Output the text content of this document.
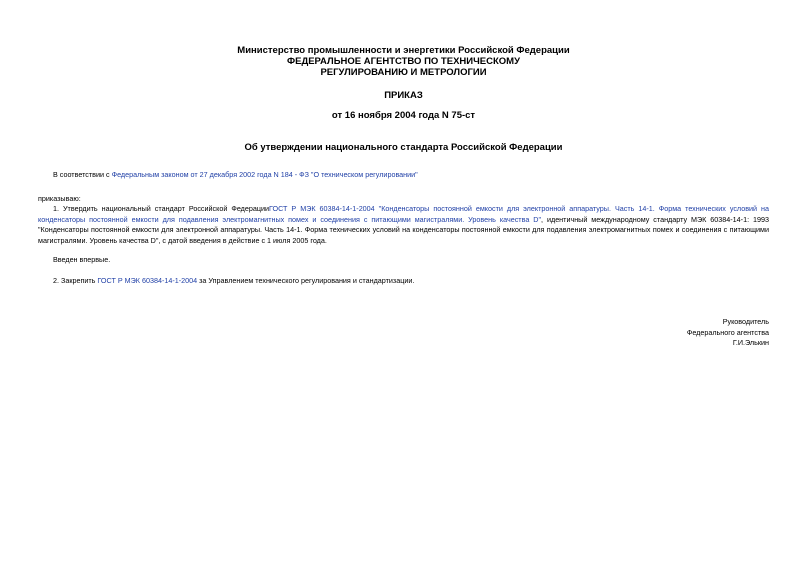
Министерство промышленности и энергетики Российской Федерации
ФЕДЕРАЛЬНОЕ АГЕНТСТВО ПО ТЕХНИЧЕСКОМУ
РЕГУЛИРОВАНИЮ И МЕТРОЛОГИИ
ПРИКАЗ
от 16 ноября 2004 года N 75-ст
Об утверждении национального стандарта Российской Федерации
В соответствии с Федеральным законом от 27 декабря 2002 года N 184 - ФЗ "О техническом регулировании"
приказываю:
1. Утвердить национальный стандарт Российской ФедерацииГОСТ Р МЭК 60384-14-1-2004 "Конденсаторы постоянной емкости для электронной аппаратуры. Часть 14-1. Форма технических условий на конденсаторы постоянной емкости для подавления электромагнитных помех и соединения с питающими магистралями. Уровень качества D", идентичный международному стандарту МЭК 60384-14-1: 1993 "Конденсаторы постоянной емкости для электронной аппаратуры. Часть 14-1. Форма технических условий на конденсаторы постоянной емкости для подавления электромагнитных помех и соединения с питающими магистралями. Уровень качества D", с датой введения в действие с 1 июля 2005 года.
Введен впервые.
2. Закрепить ГОСТ Р МЭК 60384-14-1-2004 за Управлением технического регулирования и стандартизации.
Руководитель
Федерального агентства
Г.И.Элькин
